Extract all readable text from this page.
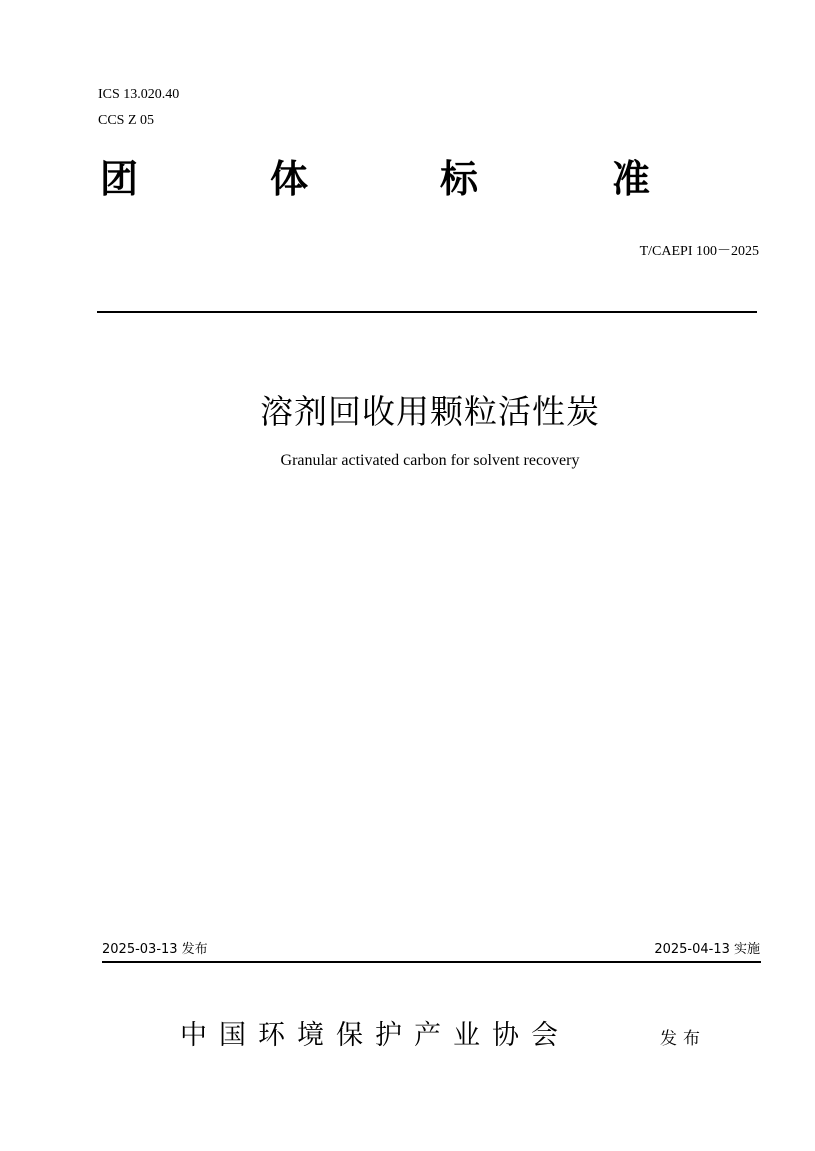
ICS 13.020.40
CCS Z 05
团	体	标	准
T/CAEPI 100－2025
溶剂回收用颗粒活性炭
Granular activated carbon for solvent recovery
2025-03-13 发布	2025-04-13 实施
中国环境保护产业协会	发布
